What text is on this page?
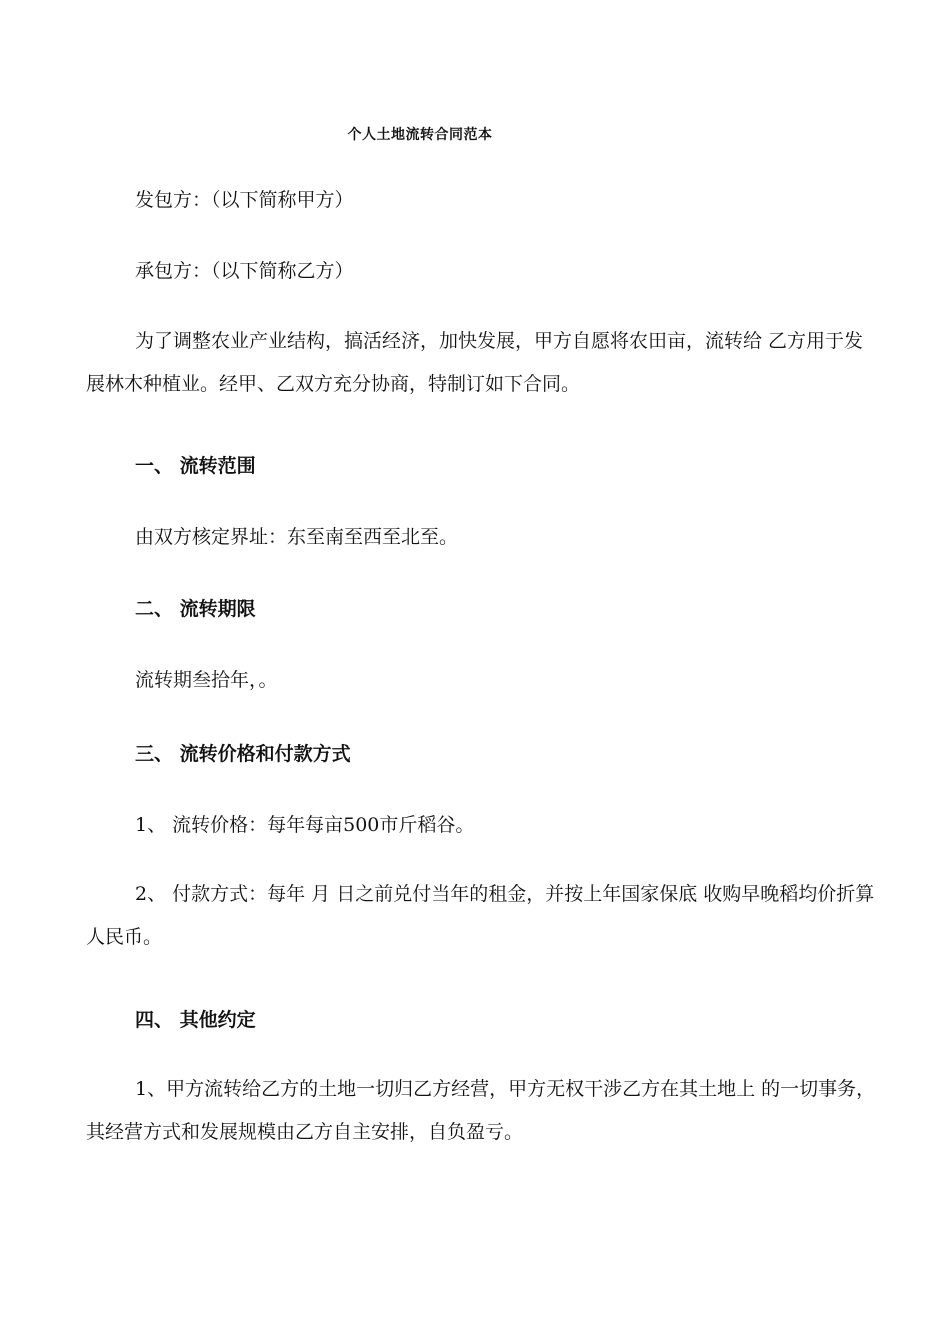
个人土地流转合同范本
发包方：（以下简称甲方）
承包方：（以下简称乙方）
为了调整农业产业结构，搞活经济，加快发展，甲方自愿将农田亩，流转给 乙方用于发展林木种植业。经甲、乙双方充分协商，特制订如下合同。
一、 流转范围
由双方核定界址：东至南至西至北至。
二、 流转期限
流转期叁拾年，。
三、 流转价格和付款方式
1、 流转价格：每年每亩500市斤稻谷。
2、 付款方式：每年 月 日之前兑付当年的租金，并按上年国家保底 收购早晚稻均价折算人民币。
四、 其他约定
1、甲方流转给乙方的土地一切归乙方经营，甲方无权干涉乙方在其土地上 的一切事务，其经营方式和发展规模由乙方自主安排，自负盈亏。
